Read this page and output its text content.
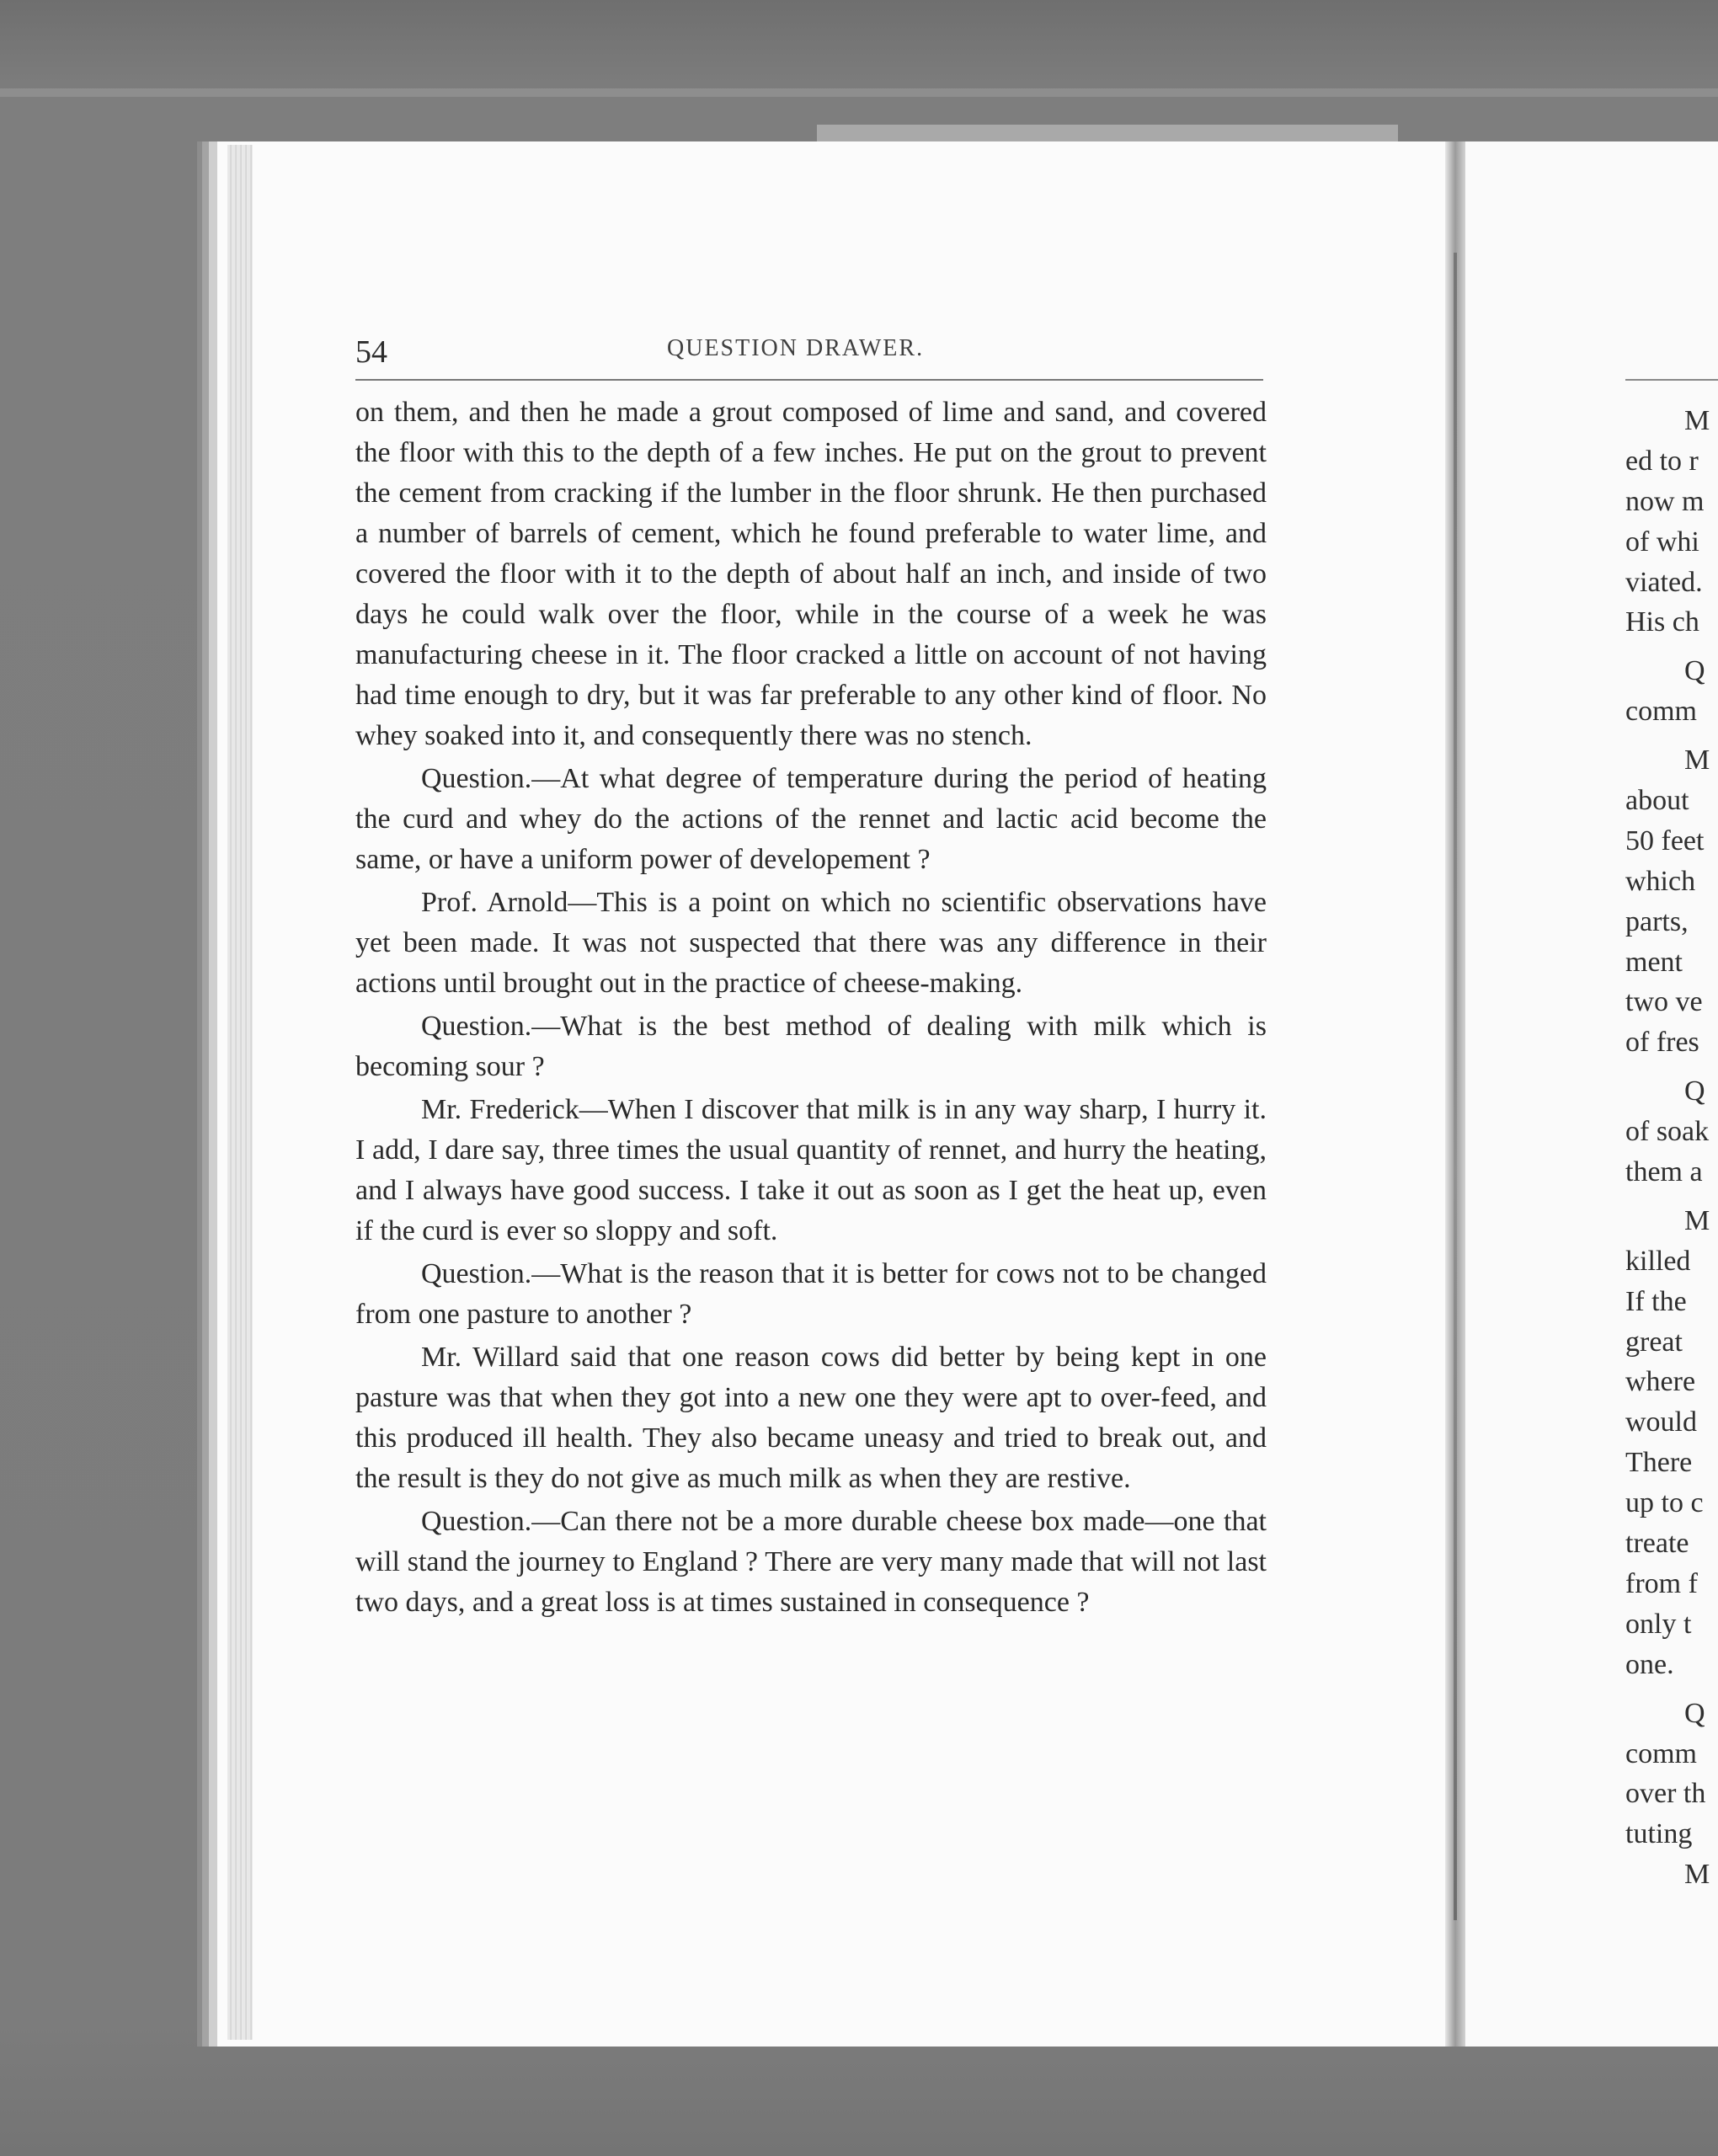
54	QUESTION DRAWER.

on them, and then he made a grout composed of lime and sand, and covered the floor with this to the depth of a few inches. He put on the grout to prevent the cement from cracking if the lumber in the floor shrunk. He then purchased a number of barrels of cement, which he found preferable to water lime, and covered the floor with it to the depth of about half an inch, and inside of two days he could walk over the floor, while in the course of a week he was manufacturing cheese in it. The floor cracked a little on account of not having had time enough to dry, but it was far preferable to any other kind of floor. No whey soaked into it, and consequently there was no stench.

Question.—At what degree of temperature during the period of heating the curd and whey do the actions of the rennet and lactic acid become the same, or have a uniform power of developement ?

Prof. Arnold—This is a point on which no scientific observations have yet been made. It was not suspected that there was any difference in their actions until brought out in the practice of cheese-making.

Question.—What is the best method of dealing with milk which is becoming sour ?

Mr. Frederick—When I discover that milk is in any way sharp, I hurry it. I add, I dare say, three times the usual quantity of rennet, and hurry the heating, and I always have good success. I take it out as soon as I get the heat up, even if the curd is ever so sloppy and soft.

Question.—What is the reason that it is better for cows not to be changed from one pasture to another ?

Mr. Willard said that one reason cows did better by being kept in one pasture was that when they got into a new one they were apt to over-feed, and this produced ill health. They also became uneasy and tried to break out, and the result is they do not give as much milk as when they are restive.

Question.—Can there not be a more durable cheese box made—one that will stand the journey to England ? There are very many made that will not last two days, and a great loss is at times sustained in consequence ?

M
ed to r
now m
of whi
viated.
His ch
Q
comm
M
about
50 feet
which
parts,
ment
two ve
of fres
Q
of soak
them a
M
killed
If the
great
where
would
There
up to c
treate
from f
only t
one.
Q
comm
over th
tuting
M
